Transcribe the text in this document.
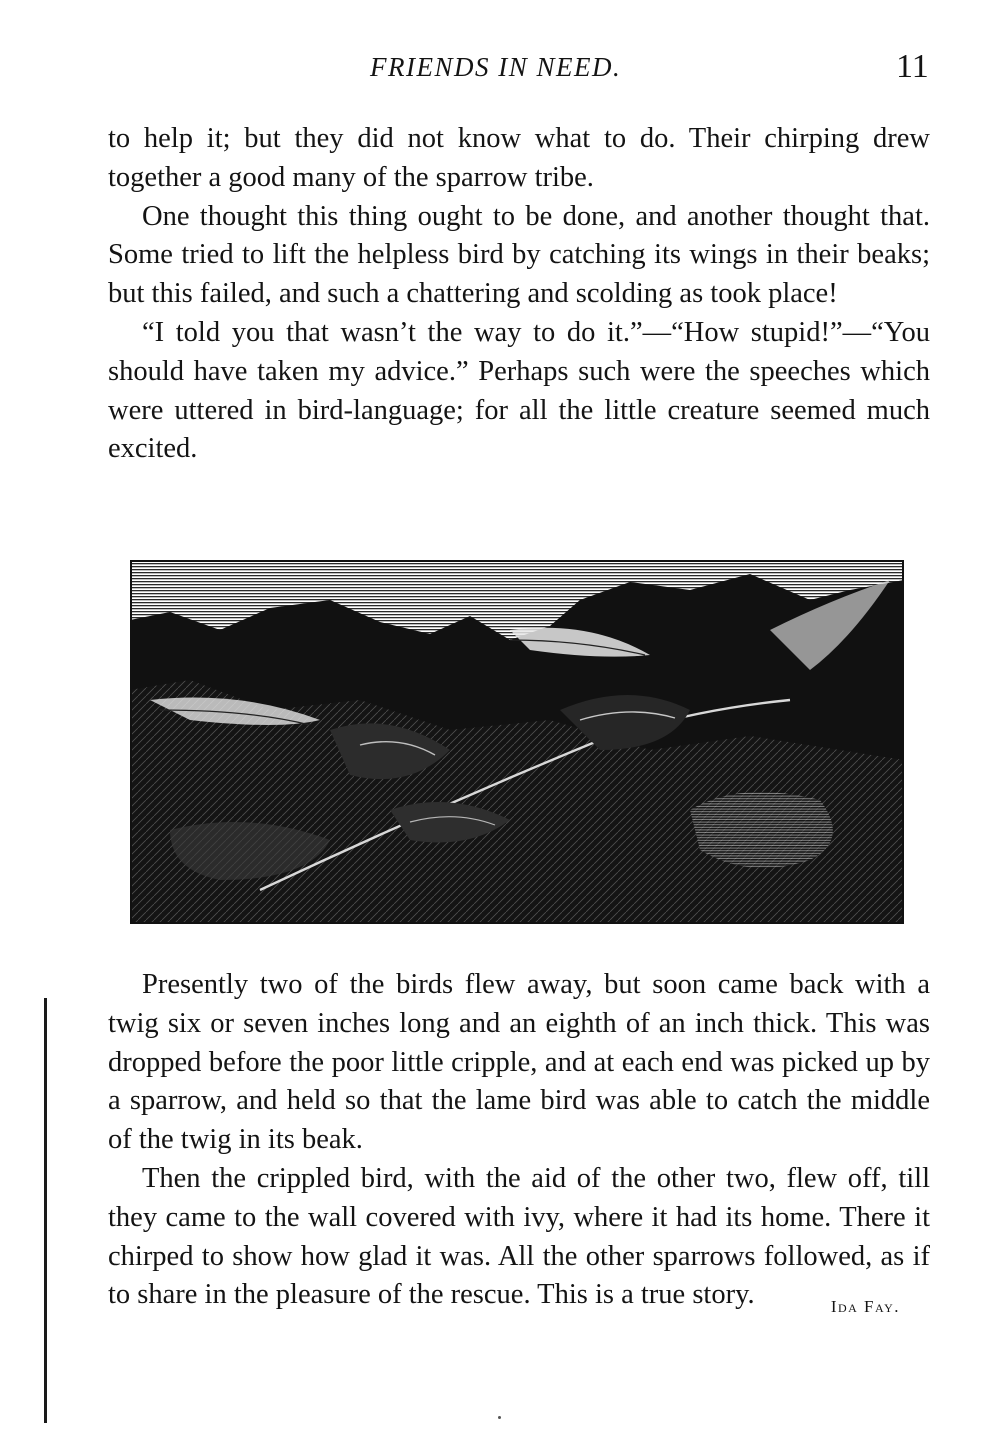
FRIENDS IN NEED.	11

to help it; but they did not know what to do. Their chirping drew together a good many of the sparrow tribe.

One thought this thing ought to be done, and another thought that. Some tried to lift the helpless bird by catching its wings in their beaks; but this failed, and such a chattering and scolding as took place!

“I told you that wasn’t the way to do it.”—“How stupid!”—“You should have taken my advice.” Perhaps such were the speeches which were uttered in bird-language; for all the little creature seemed much excited.

Presently two of the birds flew away, but soon came back with a twig six or seven inches long and an eighth of an inch thick. This was dropped before the poor little cripple, and at each end was picked up by a sparrow, and held so that the lame bird was able to catch the middle of the twig in its beak.

Then the crippled bird, with the aid of the other two, flew off, till they came to the wall covered with ivy, where it had its home. There it chirped to show how glad it was. All the other sparrows followed, as if to share in the pleasure of the rescue. This is a true story.	Ida Fay.
